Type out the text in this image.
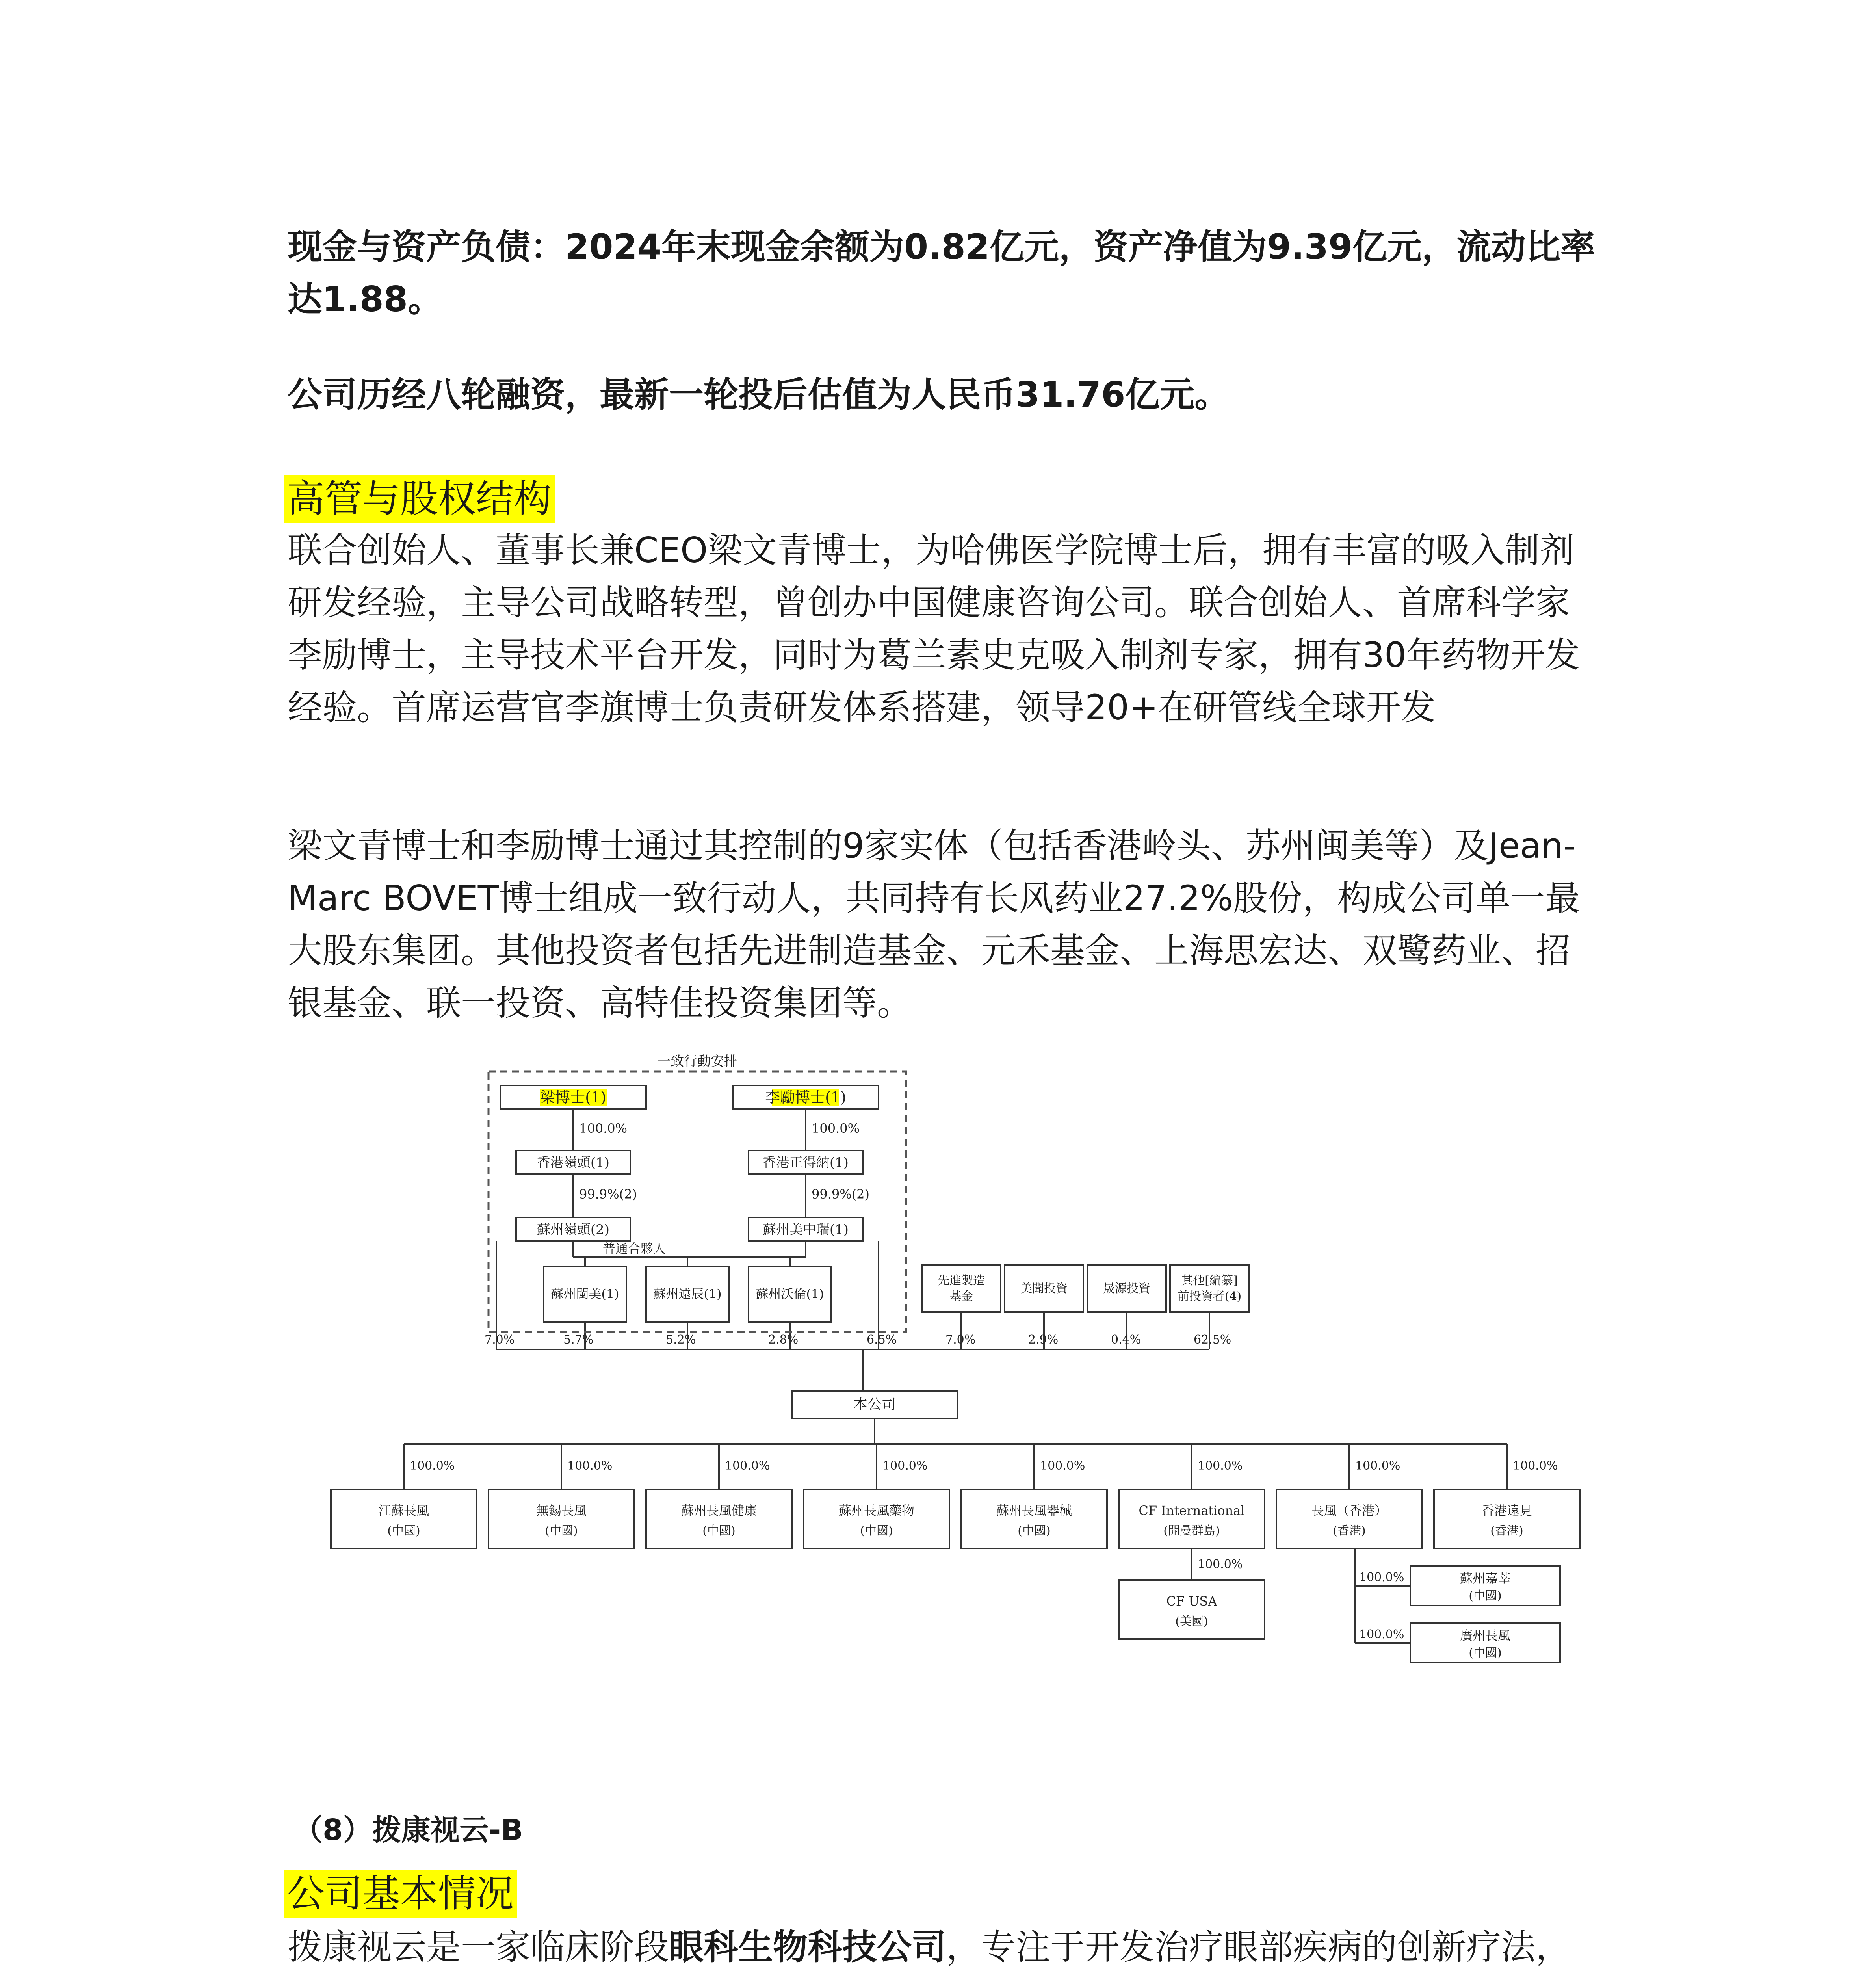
现金与资产负债：2024年末现金余额为0.82亿元，资产净值为9.39亿元，流动比率达1.88。

公司历经八轮融资，最新一轮投后估值为人民币31.76亿元。

高管与股权结构

联合创始人、董事长兼CEO梁文青博士，为哈佛医学院博士后，拥有丰富的吸入制剂研发经验，主导公司战略转型，曾创办中国健康咨询公司。联合创始人、首席科学家李励博士，主导技术平台开发，同时为葛兰素史克吸入制剂专家，拥有30年药物开发经验。首席运营官李旗博士负责研发体系搭建，领导20+在研管线全球开发

梁文青博士和李励博士通过其控制的9家实体（包括香港岭头、苏州闽美等）及Jean-Marc BOVET博士组成一致行动人，共同持有长风药业27.2%股份，构成公司单一最大股东集团。其他投资者包括先进制造基金、元禾基金、上海思宏达、双鹭药业、招银基金、联一投资、高特佳投资集团等。

一致行動安排
梁博士(1)	李勵博士(1)
100.0%
香港嶺頭(1)
100.0%
香港正得納(1)
99.9%(2)
蘇州嶺頭(2)
99.9%(2)
蘇州美中瑞(1)
普通合夥人
蘇州閩美(1)	蘇州遠辰(1)	蘇州沃倫(1)
先進製造
基金
美聞投資	晟源投資
其他[編纂]
前投資者(4)
7.0%	5.7%	5.2%	2.8%	6.5%	7.0%	2.9%	0.4%	62.5%
本公司
100.0%
江蘇長風
(中國)
100.0%
無錫長風
(中國)
100.0%
蘇州長風健康
(中國)
100.0%
蘇州長風藥物
(中國)
100.0%
蘇州長風器械
(中國)
100.0%
CF International
(開曼群島)
100.0%
長風（香港）
(香港)
100.0%
香港遠見
(香港)
100.0%
CF USA
(美國)
100.0%	蘇州嘉莘
(中國)
100.0%	廣州長風
(中國)

（8）拨康视云-B

公司基本情况

拨康视云是一家临床阶段眼科生物科技公司，专注于开发治疗眼部疾病的创新疗法，
